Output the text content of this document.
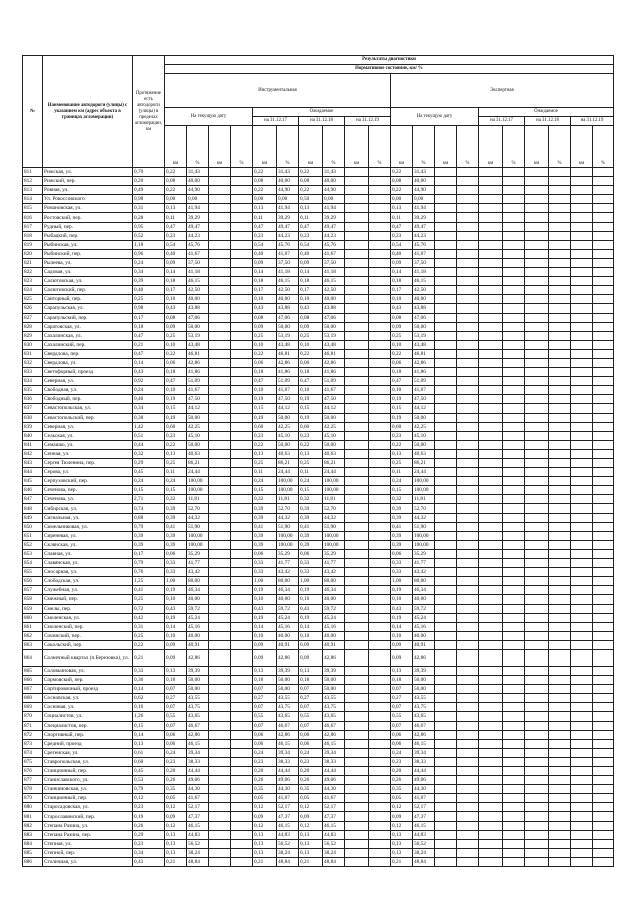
№	Наименование автодороги (улицы) с указанием км (адрес объекта в границах агломерации)	Протяжение есть автодороги (улицы) в пределах агломерации, км	Результаты диагностики																			
			Нормативное состояние, км/ %																			
			Инструментальная										Экспертная									
			На текущую дату				Ожидаемое						На текущую дату				Ожидаемое					
							на 31.12.17		на 31.12.18		на 31.12.19						на 31.12.17		на 31.12.18		на 31.12.19	
			км	%	км	%	км	%	км	%	км	%	км	%	км	%	км	%	км	%	км	%
811	Рижская, ул.	0,70	0,22	31,43			0,22	31,43	0,22	31,43			0,22	31,43								
812	Рижский, пер.	0,20	0,08	40,00			0,08	40,00	0,08	40,00			0,08	40,00								
813	Ровная, ул.	0,49	0,22	44,90			0,22	44,90	0,22	44,90			0,22	44,90								
814	Ул. Рокоссовского	0,98	0,00	0,00			0,00	0,00	0,50	0,00			0,00	0,00								
815	Романовская, ул.	0,31	0,13	41,94			0,13	41,94	0,13	41,94			0,13	41,94								
816	Ростовский, пер.	0,28	0,11	39,29			0,11	39,29	0,11	39,29			0,11	39,29								
817	Рудный, пер.	0,95	0,47	49,47			0,47	49,47	0,47	49,47			0,47	49,47								
818	Рыбацкий, пер.	0,52	0,23	44,23			0,23	44,23	0,23	44,23			0,23	44,23								
819	Рыбинская, ул.	1,18	0,54	45,76			0,54	45,76	0,54	45,76			0,54	45,76								
820	Рыбинский, пер.	0,96	0,40	41,67			0,40	41,67	0,40	41,67			0,40	41,67								
821	Рылеева, ул.	0,24	0,09	37,50			0,09	37,50	0,09	37,50			0,09	37,50								
822	Садовая, ул.	0,34	0,14	41,18			0,14	41,18	0,14	41,18			0,14	41,18								
823	Салютовская, ул.	0,39	0,18	46,15			0,18	46,15	0,18	46,15			0,18	46,15								
824	Салютовский, пер.	0,40	0,17	42,50			0,17	42,50	0,17	42,50			0,17	42,50								
825	Санторный, пер.	0,25	0,10	40,00			0,10	40,00	0,10	40,00			0,10	40,00								
826	Сарапульская, ул.	0,98	0,43	43,88			0,43	43,88	0,43	43,88			0,43	43,88								
827	Сарапульский, пер.	0,17	0,08	47,06			0,08	47,06	0,08	47,06			0,08	47,06								
828	Саратовская, ул.	0,18	0,09	50,00			0,09	50,00	0,09	50,00			0,09	50,00								
829	Сахалинская, ул.	0,47	0,25	53,19			0,25	53,19	0,25	53,19			0,25	53,19								
830	Сахалинский, пер.	0,21	0,10	43,48			0,10	43,48	0,10	43,48			0,10	43,48								
831	Свердлова, пер.	0,47	0,22	46,81			0,22	46,81	0,22	46,81			0,22	46,81								
832	Свердлова, ул.	0,14	0,06	42,86			0,06	42,86	0,06	42,86			0,06	42,86								
833	Светофорный, проезд	0,43	0,18	41,86			0,18	41,86	0,18	41,86			0,18	41,86								
834	Северная, ул.	0,92	0,47	51,09			0,47	51,09	0,47	51,09			0,47	51,09								
835	Свободная, ул.	0,24	0,10	41,67			0,10	41,67	0,10	41,67			0,10	41,67								
836	Свободный, пер.	0,40	0,19	47,50			0,19	47,50	0,19	47,50			0,19	47,50								
837	Севастопольская, ул.	0,34	0,15	44,12			0,15	44,12	0,15	44,12			0,15	44,12								
838	Севастопольский, пер.	0,38	0,19	50,00			0,19	50,00	0,19	50,00			0,19	50,00								
839	Северная, ул.	1,42	0,60	42,25			0,60	42,25	0,60	42,25			0,60	42,25								
840	Сельская, ул.	0,51	0,23	45,10			0,23	45,10	0,23	45,10			0,23	45,10								
841	Семашко, ул.	0,44	0,22	50,00			0,22	50,00	0,22	50,00			0,22	50,00								
842	Сенная, ул.	0,32	0,13	40,63			0,13	40,63	0,13	40,63			0,13	40,63								
843	Сергея Тюленина, пер.	0,29	0,25	86,21			0,25	86,21	0,25	86,21			0,25	86,21								
844	Серова, ул.	0,45	0,11	24,44			0,11	24,44	0,11	24,44			0,11	24,44								
845	Серпуховский, пер.	0,24	0,24	100,00			0,24	100,00	0,24	100,00			0,24	100,00								
846	Сеченова, пер.	0,15	0,15	100,00			0,15	100,00	0,15	100,00			0,15	100,00								
847	Сеченова, ул.	2,71	0,32	11,81			0,32	11,81	0,32	11,81			0,32	11,81								
848	Сибирская, ул.	0,74	0,39	52,70			0,39	52,70	0,39	52,70			0,39	52,70								
849	Сигнальная, ул.	0,88	0,39	44,32			0,39	44,32	0,39	44,32			0,39	44,32								
850	Симельниковая, ул.	0,79	0,41	51,90			0,41	51,90	0,41	51,90			0,41	51,90								
851	Сиреневая, ул.	0,39	0,39	100,00			0,39	100,00	0,39	100,00			0,39	100,00								
852	Склянская, ул.	0,39	0,39	100,00			0,39	100,00	0,39	100,00			0,39	100,00								
853	Славная, ул.	0,17	0,06	35,29			0,06	35,29	0,06	35,29			0,06	35,29								
854	Славянская, ул.	0,79	0,33	41,77			0,33	41,77	0,33	41,77			0,33	41,77								
855	Сносарная, ул.	0,76	0,33	43,42			0,33	43,42	0,33	43,42			0,33	43,42								
856	Слободская, ул.	1,25	1,00	80,00			1,00	80,00	1,00	80,00			1,00	80,00								
857	Служебная, ул.	0,41	0,19	46,34			0,19	46,34	0,19	46,34			0,19	46,34								
858	Смежный, пер.	0,25	0,10	40,00			0,10	40,00	0,10	40,00			0,10	40,00								
859	Смелы, пер.	0,72	0,43	59,72			0,43	59,72	0,43	59,72			0,43	59,72								
860	Смоленская, ул.	0,42	0,19	45,24			0,19	45,24	0,19	45,24			0,19	45,24								
861	Смоленский, пер.	0,31	0,14	45,16			0,14	45,16	0,14	45,16			0,14	45,16								
862	Сочинский, пер.	0,25	0,10	40,00			0,10	40,00	0,10	40,00			0,10	40,00								
863	Сокольский, пер.	0,22	0,09	40,91			0,09	40,91	0,09	40,91			0,09	40,91								
864	Солнечный квартал (п.Березовка), ул.	0,21	0,09	42,86			0,09	42,86	0,09	42,86			0,09	42,86								
865	Соловьиновая, ул.	0,33	0,13	39,39			0,13	39,39	0,13	39,39			0,13	39,39								
866	Сормовский, пер.	0,36	0,18	50,00			0,18	50,00	0,18	50,00			0,18	50,00								
867	Сортировочный, проезд	0,14	0,07	50,00			0,07	50,00	0,07	50,00			0,07	50,00								
868	Сосновская, ул.	0,62	0,27	43,55			0,27	43,55	0,27	43,55			0,27	43,55								
869	Сосновая, ул.	0,16	0,07	43,75			0,07	43,75	0,07	43,75			0,07	43,75								
870	Социалистов, ул.	1,26	0,55	43,65			0,55	43,65	0,55	43,65			0,55	43,65								
871	Специалистов, пер.	0,15	0,07	46,67			0,07	46,67	0,07	46,67			0,07	46,67								
872	Спортивный, пер.	0,14	0,06	42,86			0,06	42,86	0,06	42,86			0,06	42,86								
873	Средний, проезд	0,13	0,06	46,15			0,06	46,15	0,06	46,15			0,06	46,15								
874	Сретенская, ул.	0,61	0,24	39,34			0,24	39,34	0,24	39,34			0,24	39,34								
875	Ставропольская, ул.	0,60	0,23	38,33			0,23	38,33	0,23	38,33			0,23	38,33								
876	Станционный, пер.	0,45	0,20	44,44			0,20	44,44	0,20	44,44			0,20	44,44								
877	Станиславского, ул.	0,53	0,26	49,06			0,26	49,06	0,26	49,06			0,26	49,06								
878	Станкиновская, ул.	0,79	0,35	44,30			0,35	44,30	0,35	44,30			0,35	44,30								
879	Станционный, пер.	0,12	0,05	41,67			0,05	41,67	0,05	41,67			0,05	41,67								
880	Старосадовская, ул.	0,23	0,12	52,17			0,12	52,17	0,12	52,17			0,12	52,17								
881	Старославянский, пер.	0,19	0,09	47,37			0,09	47,37	0,09	47,37			0,09	47,37								
882	Степана Разина, ул.	0,26	0,12	46,15			0,12	46,15	0,12	46,15			0,12	46,15								
883	Степана Разина, пер.	0,29	0,13	44,83			0,13	44,83	0,13	44,83			0,13	44,83								
884	Степная, ул.	0,23	0,13	56,52			0,13	56,52	0,13	56,52			0,13	56,52								
885	Степной, пер.	0,34	0,13	38,24			0,13	38,24	0,13	38,24			0,13	38,24								
886	Столичная, ул.	0,43	0,21	48,84			0,21	48,84	0,21	48,84			0,21	48,84								
